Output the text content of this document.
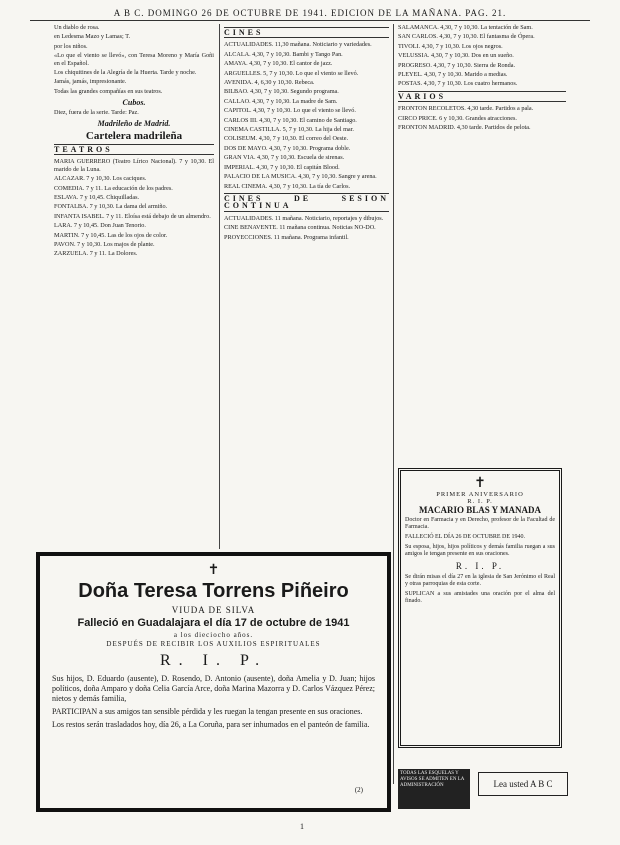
A B C. DOMINGO 26 DE OCTUBRE DE 1941. EDICION DE LA MAÑANA. PAG. 21.

Un diablo de rosa.

en Ledesma Mazo y Lamas; T.

por los niños.

«Lo que el viento se llevó», con Teresa Moreno y María Goñi en el Español.

Los chiquitines de la Alegría de la Huerta. Tarde y noche.

Jamás, jamás, impresionante.

Todas las grandes compañías en sus teatros.

Cubos.

Diez, fuera de la serie. Tarde: Paz.

Madrileño de Madrid.
Cartelera madrileña
TEATROS

MARIA GUERRERO (Teatro Lírico Nacional). 7 y 10,30. El marido de la Luna.

ALCAZAR. 7 y 10,30. Los caciques.

COMEDIA. 7 y 11. La educación de los padres.

ESLAVA. 7 y 10,45. Chiquilladas.

FONTALBA. 7 y 10,30. La dama del armiño.

INFANTA ISABEL. 7 y 11. Eloísa está debajo de un almendro.

LARA. 7 y 10,45. Don Juan Tenorio.

MARTIN. 7 y 10,45. Las de los ojos de color.

PAVON. 7 y 10,30. Los majos de plante.

ZARZUELA. 7 y 11. La Dolores.

CINES

ACTUALIDADES. 11,30 mañana. Noticiario y variedades.

ALCALA. 4,30, 7 y 10,30. Bambi y Tango Pan.

AMAYA. 4,30, 7 y 10,30. El cantor de jazz.

ARGUELLES. 5, 7 y 10,30. Lo que el viento se llevó.

AVENIDA. 4, 6,30 y 10,30. Rebeca.

BILBAO. 4,30, 7 y 10,30. Segundo programa.

CALLAO. 4,30, 7 y 10,30. La madre de Sam.

CAPITOL. 4,30, 7 y 10,30. Lo que el viento se llevó.

CARLOS III. 4,30, 7 y 10,30. El camino de Santiago.

CINEMA CASTILLA. 5, 7 y 10,30. La hija del mar.

COLISEUM. 4,30, 7 y 10,30. El correo del Oeste.

DOS DE MAYO. 4,30, 7 y 10,30. Programa doble.

GRAN VIA. 4,30, 7 y 10,30. Escuela de sirenas.

IMPERIAL. 4,30, 7 y 10,30. El capitán Blood.

PALACIO DE LA MUSICA. 4,30, 7 y 10,30. Sangre y arena.

REAL CINEMA. 4,30, 7 y 10,30. La tía de Carlos.

CINES DE SESION CONTINUA

ACTUALIDADES. 11 mañana. Noticiario, reportajes y dibujos.

CINE BENAVENTE. 11 mañana continua. Noticias NO-DO.

PROYECCIONES. 11 mañana. Programa infantil.

SALAMANCA. 4,30, 7 y 10,30. La tentación de Sam.

SAN CARLOS. 4,30, 7 y 10,30. El fantasma de Ópera.

TIVOLI. 4,30, 7 y 10,30. Los ojos negros.

VELUSSIA. 4,30, 7 y 10,30. Dos en un sueño.

PROGRESO. 4,30, 7 y 10,30. Sierra de Ronda.

PLEYEL. 4,30, 7 y 10,30. Marido a medias.

POSTAS. 4,30, 7 y 10,30. Los cuatro hermanos.

VARIOS

FRONTON RECOLETOS. 4,30 tarde. Partidos a pala.

CIRCO PRICE. 6 y 10,30. Grandes atracciones.

FRONTON MADRID. 4,30 tarde. Partidos de pelota.

✝
PRIMER ANIVERSARIO
R. I. P.
MACARIO BLAS Y MANADA

Doctor en Farmacia y en Derecho, profesor de la Facultad de Farmacia.

FALLECIÓ EL DÍA 26 DE OCTUBRE DE 1940.

Su esposa, hijos, hijos políticos y demás familia ruegan a sus amigos le tengan presente en sus oraciones.

R. I. P.

Se dirán misas el día 27 en la iglesia de San Jerónimo el Real y otras parroquias de esta corte.

SUPLICAN a sus amistades una oración por el alma del finado.

✝
Doña Teresa Torrens Piñeiro
VIUDA DE SILVA
Falleció en Guadalajara el día 17 de octubre de 1941
a los dieciocho años.
DESPUÉS DE RECIBIR LOS AUXILIOS ESPIRITUALES
R. I. P.

Sus hijos, D. Eduardo (ausente), D. Rosendo, D. Antonio (ausente), doña Amelia y D. Juan; hijos políticos, doña Amparo y doña Celia García Arce, doña Marina Mazorra y D. Carlos Vázquez Pérez; nietos y demás familia,

PARTICIPAN a sus amigos tan sensible pérdida y les ruegan la tengan presente en sus oraciones.

Los restos serán trasladados hoy, día 26, a La Coruña, para ser inhumados en el panteón de familia.

(2)
TODAS LAS ESQUELAS Y AVISOS SE ADMITEN EN LA ADMINISTRACIÓN	Lea usted A B C
1
